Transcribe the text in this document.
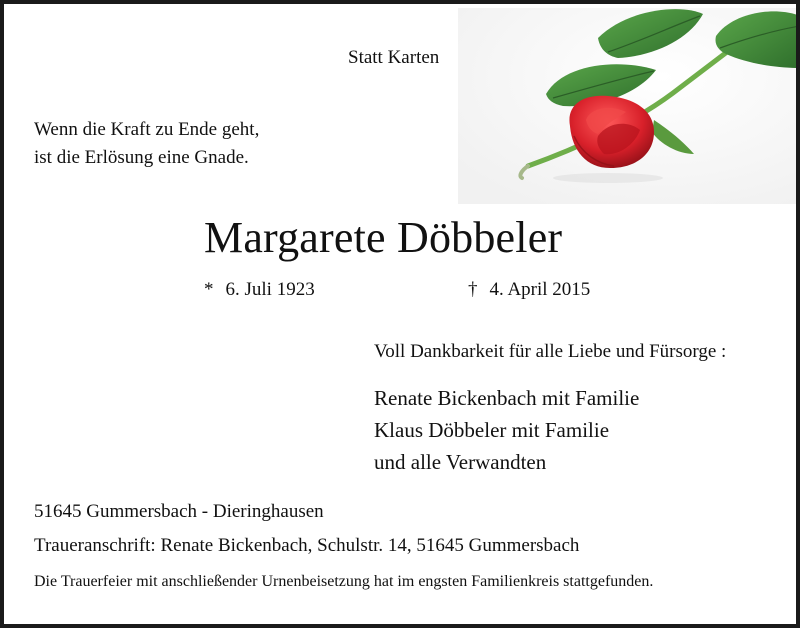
Statt Karten
Wenn die Kraft zu Ende geht,
ist die Erlösung eine Gnade.
Margarete Döbbeler
* 6. Juli 1923	† 4. April 2015
Voll Dankbarkeit für alle Liebe und Fürsorge :
Renate Bickenbach mit Familie
Klaus Döbbeler mit Familie
und alle Verwandten
51645 Gummersbach - Dieringhausen
Traueranschrift: Renate Bickenbach, Schulstr. 14, 51645 Gummersbach
Die Trauerfeier mit anschließender Urnenbeisetzung hat im engsten Familienkreis stattgefunden.
